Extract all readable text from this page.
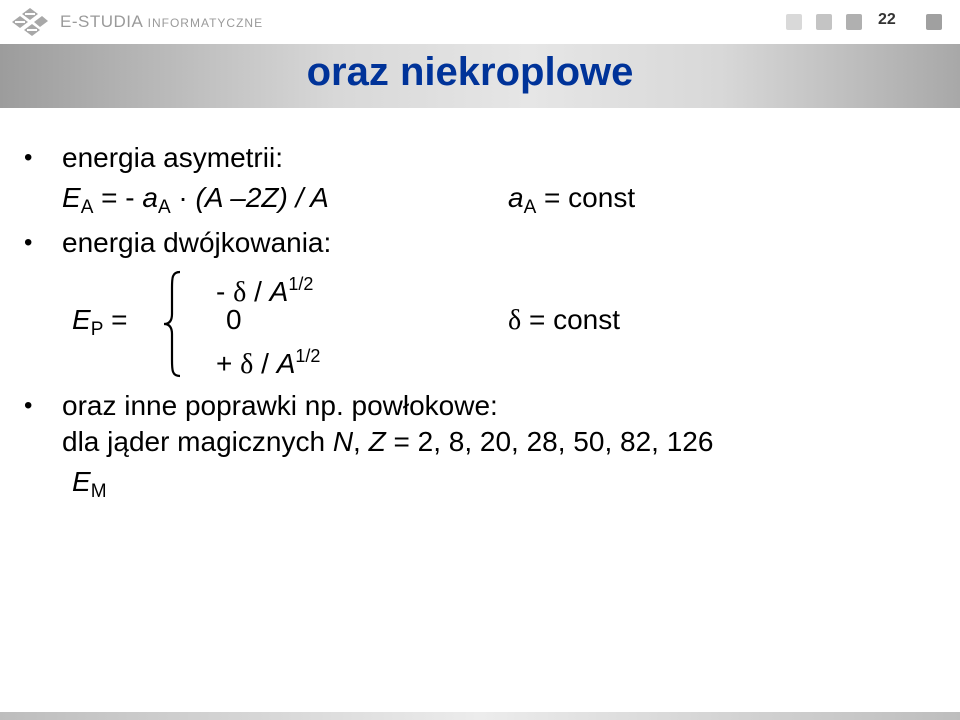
E-STUDIA INFORMATYCZNE	22
oraz niekroplowe
• energia asymetrii:
$E_A$ = - $a_A \cdot (A$ –2Z) / A	$a_A$ = const
• energia dwójkowania:
- δ / $A^{1/2}$
$E_P$ =	0	δ = const
+ δ / $A^{1/2}$
• oraz inne poprawki np. powłokowe:
dla jąder magicznych N, Z = 2, 8, 20, 28, 50, 82, 126
$E_M$
